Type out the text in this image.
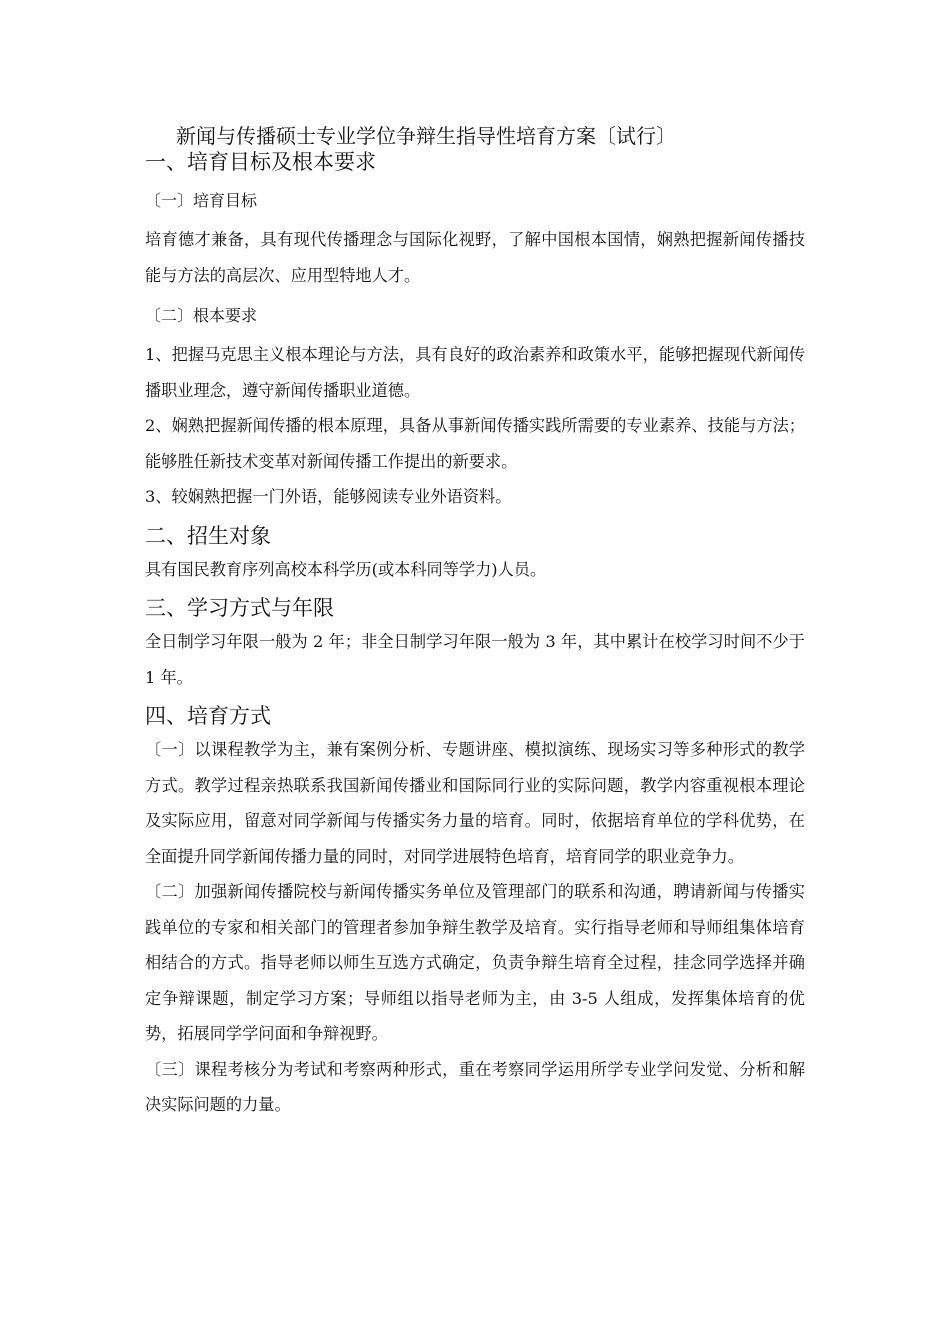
新闻与传播硕士专业学位争辩生指导性培育方案〔试行〕
一、培育目标及根本要求
〔一〕培育目标

培育德才兼备，具有现代传播理念与国际化视野，了解中国根本国情，娴熟把握新闻传播技能与方法的高层次、应用型特地人才。

〔二〕根本要求

1、把握马克思主义根本理论与方法，具有良好的政治素养和政策水平，能够把握现代新闻传播职业理念，遵守新闻传播职业道德。

2、娴熟把握新闻传播的根本原理，具备从事新闻传播实践所需要的专业素养、技能与方法；能够胜任新技术变革对新闻传播工作提出的新要求。

3、较娴熟把握一门外语，能够阅读专业外语资料。

二、招生对象

具有国民教育序列高校本科学历(或本科同等学力)人员。

三、学习方式与年限

全日制学习年限一般为 2 年；非全日制学习年限一般为 3 年，其中累计在校学习时间不少于 1 年。

四、培育方式

〔一〕以课程教学为主，兼有案例分析、专题讲座、模拟演练、现场实习等多种形式的教学方式。教学过程亲热联系我国新闻传播业和国际同行业的实际问题，教学内容重视根本理论及实际应用，留意对同学新闻与传播实务力量的培育。同时，依据培育单位的学科优势，在全面提升同学新闻传播力量的同时，对同学进展特色培育，培育同学的职业竞争力。

〔二〕加强新闻传播院校与新闻传播实务单位及管理部门的联系和沟通，聘请新闻与传播实践单位的专家和相关部门的管理者参加争辩生教学及培育。实行指导老师和导师组集体培育相结合的方式。指导老师以师生互选方式确定，负责争辩生培育全过程，挂念同学选择并确定争辩课题，制定学习方案；导师组以指导老师为主，由 3-5 人组成，发挥集体培育的优势，拓展同学学问面和争辩视野。

〔三〕课程考核分为考试和考察两种形式，重在考察同学运用所学专业学问发觉、分析和解决实际问题的力量。
